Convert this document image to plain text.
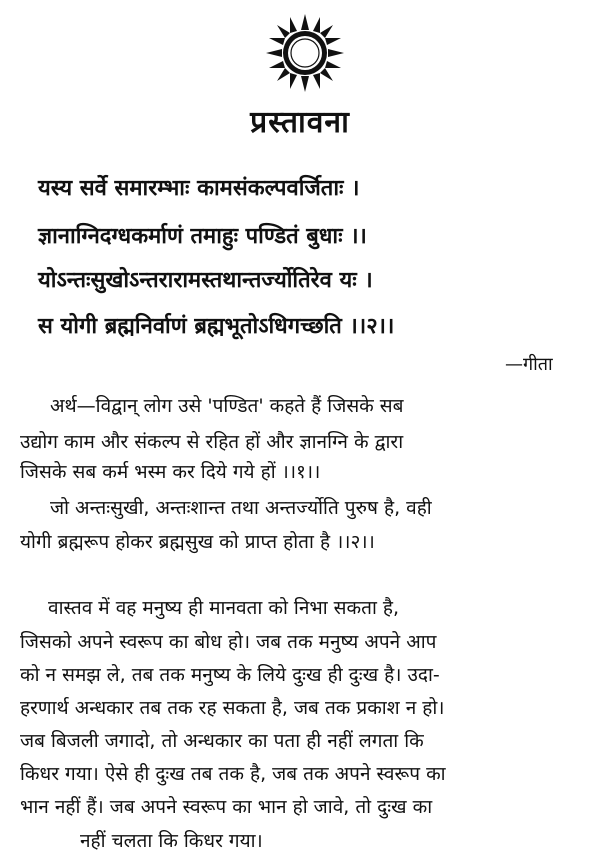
प्रस्तावना
यस्य सर्वे समारम्भाः कामसंकल्पवर्जिताः ।
ज्ञानाग्निदग्धकर्माणं तमाहुः पण्डितं बुधाः ।।
योऽन्तःसुखोऽन्तरारामस्तथान्तर्ज्योतिरेव यः ।
स योगी ब्रह्मनिर्वाणं ब्रह्मभूतोऽधिगच्छति ।।२।।
—गीता
अर्थ—विद्वान् लोग उसे 'पण्डित' कहते हैं जिसके सब
उद्योग काम और संकल्प से रहित हों और ज्ञानग्नि के द्वारा
जिसके सब कर्म भस्म कर दिये गये हों ।।१।।
जो अन्तःसुखी, अन्तःशान्त तथा अन्तर्ज्योति पुरुष है, वही
योगी ब्रह्मरूप होकर ब्रह्मसुख को प्राप्त होता है ।।२।।
वास्तव में वह मनुष्य ही मानवता को निभा सकता है,
जिसको अपने स्वरूप का बोध हो। जब तक मनुष्य अपने आप
को न समझ ले, तब तक मनुष्य के लिये दुःख ही दुःख है। उदा-
हरणार्थ अन्धकार तब तक रह सकता है, जब तक प्रकाश न हो।
जब बिजली जगादो, तो अन्धकार का पता ही नहीं लगता कि
किधर गया। ऐसे ही दुःख तब तक है, जब तक अपने स्वरूप का
भान नहीं हैं। जब अपने स्वरूप का भान हो जावे, तो दुःख का
नहीं चलता कि किधर गया।
